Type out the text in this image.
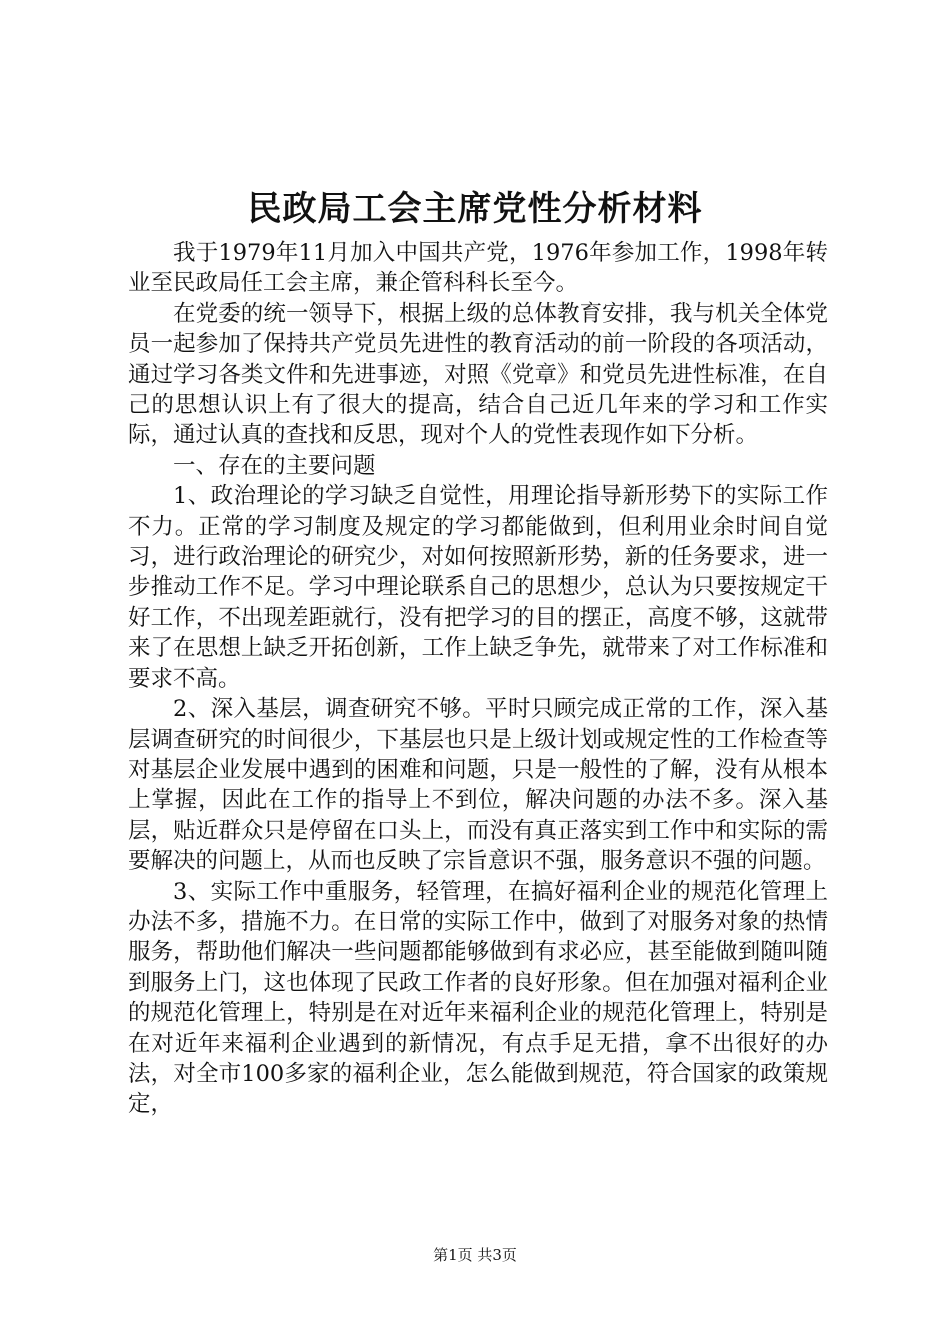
民政局工会主席党性分析材料

我于1979年11月加入中国共产党，1976年参加工作，1998年转业至民政局任工会主席，兼企管科科长至今。

在党委的统一领导下，根据上级的总体教育安排，我与机关全体党员一起参加了保持共产党员先进性的教育活动的前一阶段的各项活动，通过学习各类文件和先进事迹，对照《党章》和党员先进性标准，在自己的思想认识上有了很大的提高，结合自己近几年来的学习和工作实际，通过认真的查找和反思，现对个人的党性表现作如下分析。

一、存在的主要问题

1、政治理论的学习缺乏自觉性，用理论指导新形势下的实际工作不力。正常的学习制度及规定的学习都能做到，但利用业余时间自觉习，进行政治理论的研究少，对如何按照新形势，新的任务要求，进一步推动工作不足。学习中理论联系自己的思想少，总认为只要按规定干好工作，不出现差距就行，没有把学习的目的摆正，高度不够，这就带来了在思想上缺乏开拓创新，工作上缺乏争先，就带来了对工作标准和要求不高。

2、深入基层，调查研究不够。平时只顾完成正常的工作，深入基层调查研究的时间很少，下基层也只是上级计划或规定性的工作检查等对基层企业发展中遇到的困难和问题，只是一般性的了解，没有从根本上掌握，因此在工作的指导上不到位，解决问题的办法不多。深入基层，贴近群众只是停留在口头上，而没有真正落实到工作中和实际的需要解决的问题上，从而也反映了宗旨意识不强，服务意识不强的问题。

3、实际工作中重服务，轻管理，在搞好福利企业的规范化管理上办法不多，措施不力。在日常的实际工作中，做到了对服务对象的热情服务，帮助他们解决一些问题都能够做到有求必应，甚至能做到随叫随到服务上门，这也体现了民政工作者的良好形象。但在加强对福利企业的规范化管理上，特别是在对近年来福利企业的规范化管理上，特别是在对近年来福利企业遇到的新情况，有点手足无措，拿不出很好的办法，对全市100多家的福利企业，怎么能做到规范，符合国家的政策规定，

第1页 共3页
